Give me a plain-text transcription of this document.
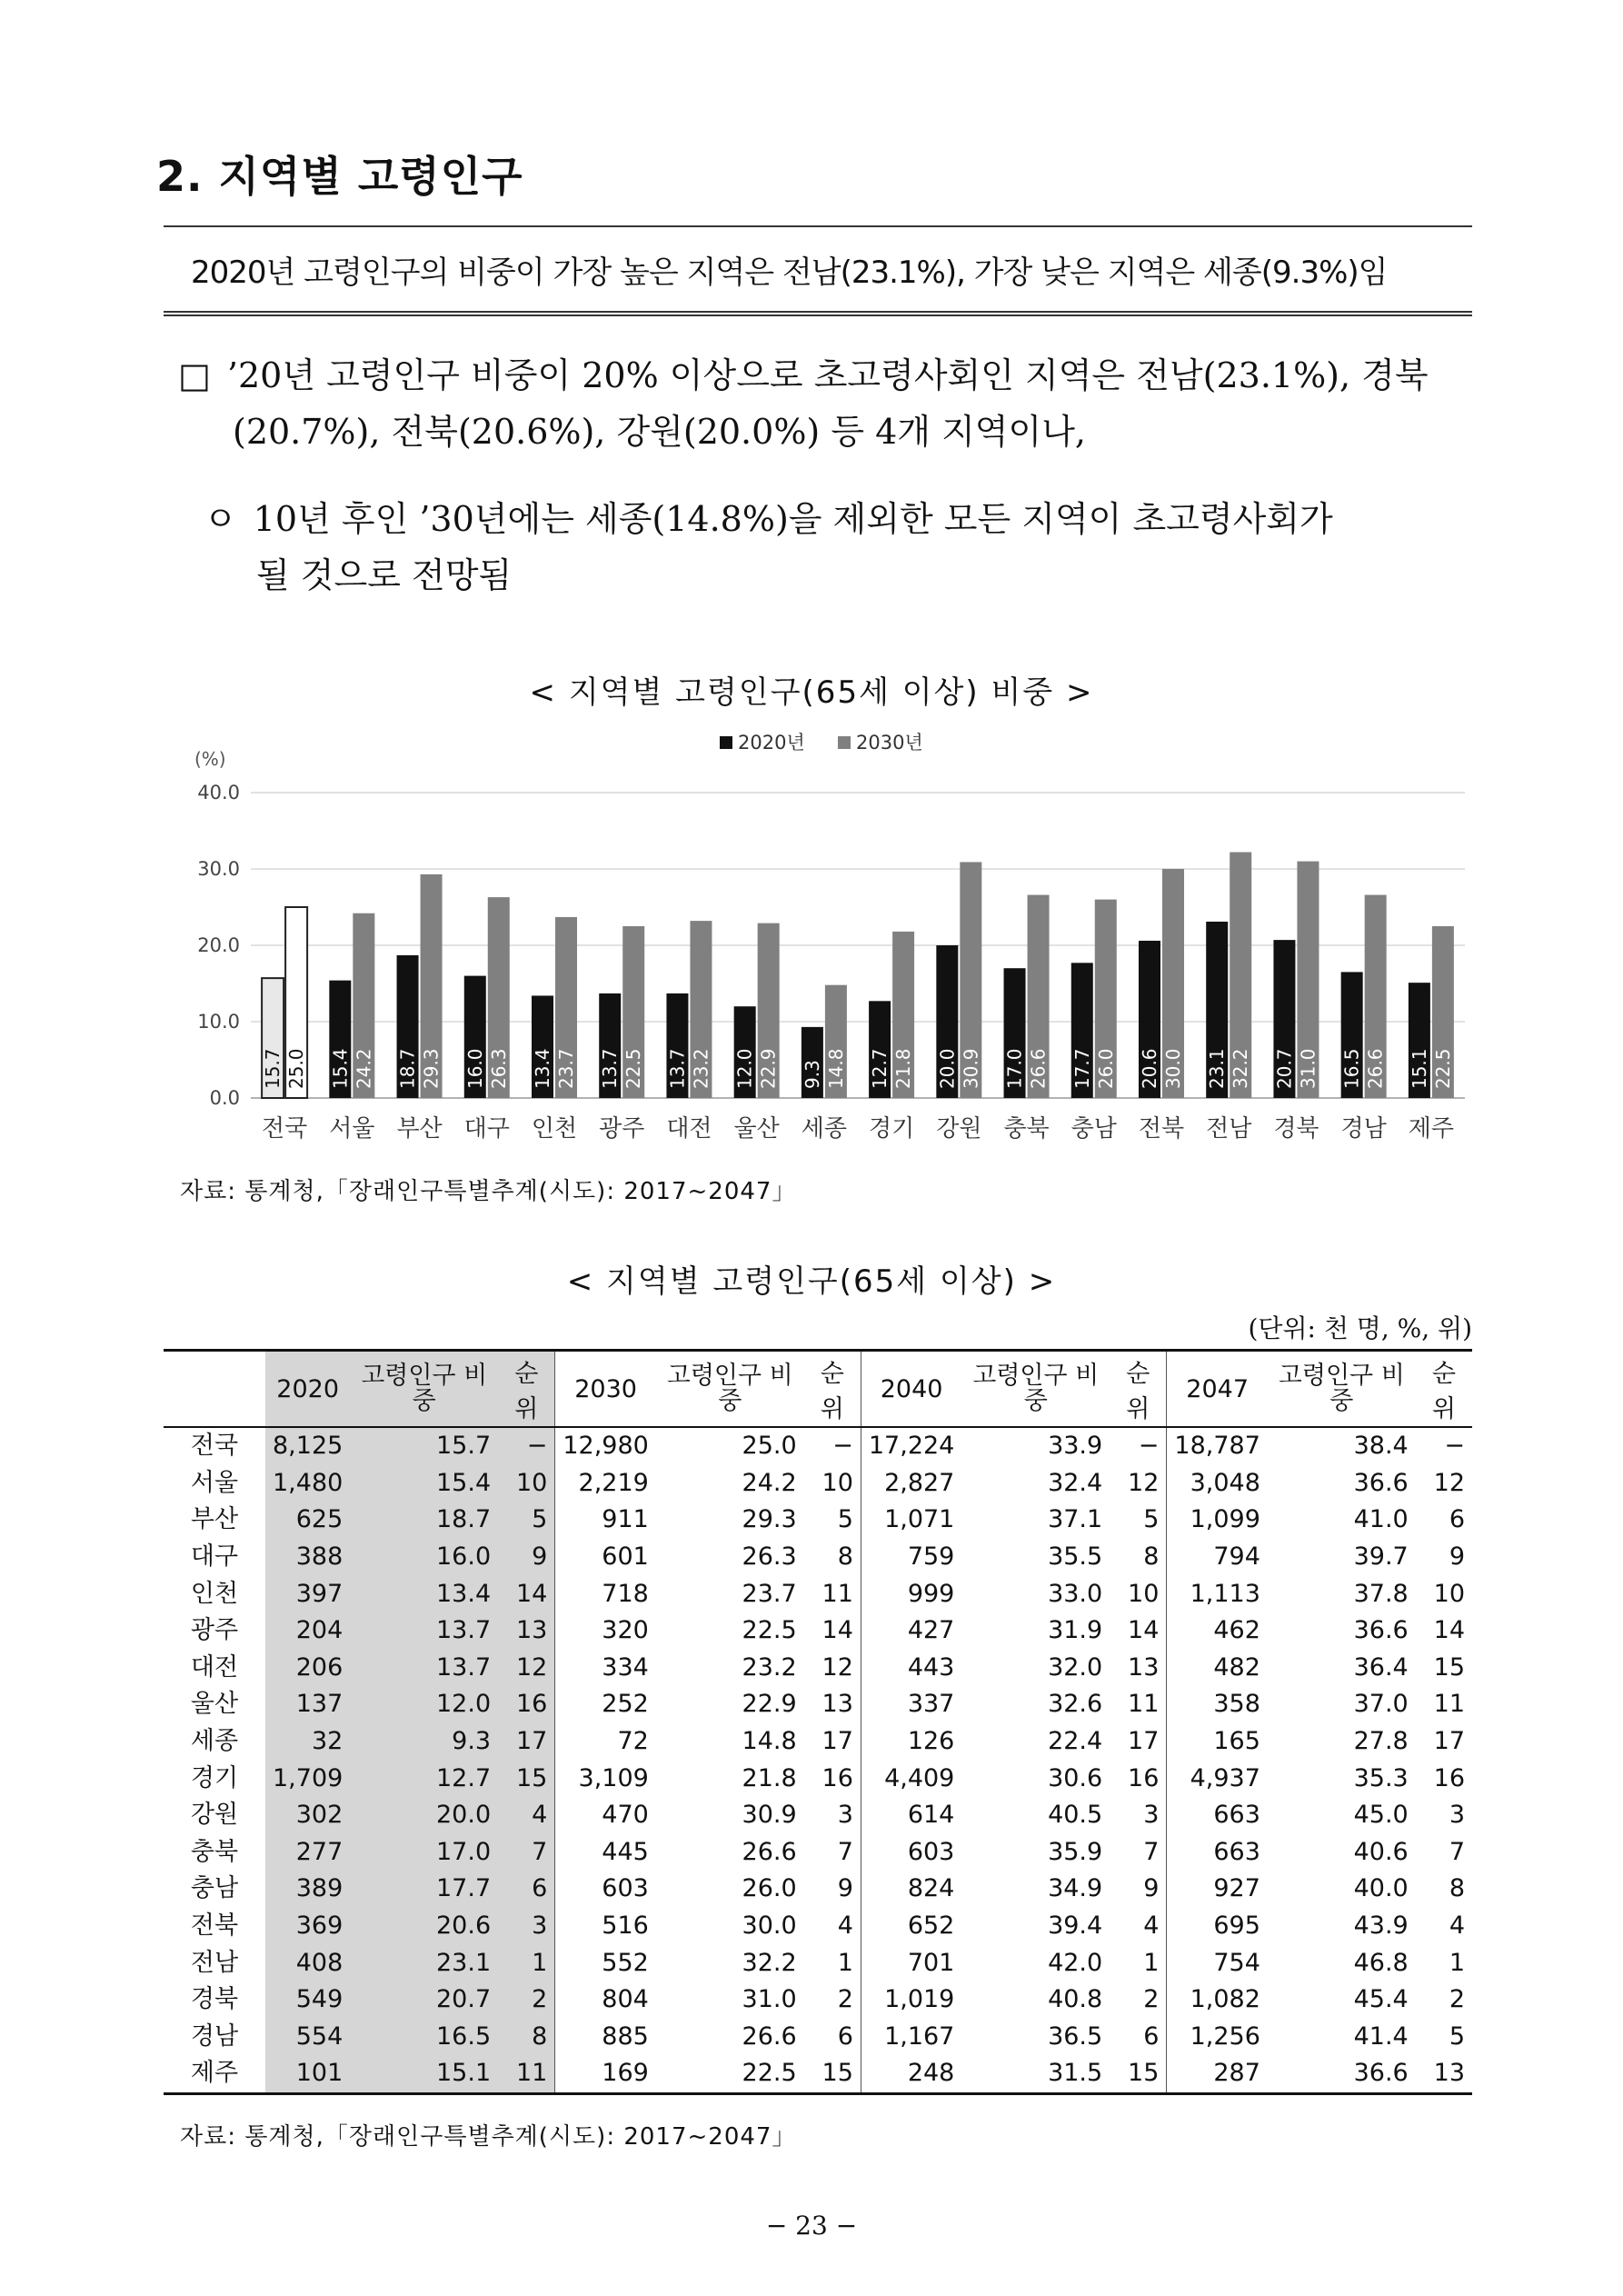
2. 지역별 고령인구
2020년 고령인구의 비중이 가장 높은 지역은 전남(23.1%), 가장 낮은 지역은 세종(9.3%)임
□ ’20년 고령인구 비중이 20% 이상으로 초고령사회인 지역은 전남(23.1%), 경북
(20.7%), 전북(20.6%), 강원(20.0%) 등 4개 지역이나,
ㅇ 10년 후인 ’30년에는 세종(14.8%)을 제외한 모든 지역이 초고령사회가
될 것으로 전망됨
< 지역별 고령인구(65세 이상) 비중 >
(%)
0.0
10.0
20.0
30.0
40.0
15.7 25.0
전국
15.4 24.2
서울
18.7 29.3
부산
16.0 26.3
대구
13.4 23.7
인천
13.7 22.5
광주
13.7 23.2
대전
12.0 22.9
울산
9.3 14.8
세종
12.7 21.8
경기
20.0 30.9
강원
17.0 26.6
충북
17.7 26.0
충남
20.6 30.0
전북
23.1 32.2
전남
20.7 31.0
경북
16.5 26.6
경남
15.1 22.5
제주
2020년	2030년
자료: 통계청,「장래인구특별추계(시도): 2017~2047」
< 지역별 고령인구(65세 이상) >
(단위: 천 명, %, 위)
	2020	고령인구 비중	순위	2030	고령인구 비중	순위	2040	고령인구 비중	순위	2047	고령인구 비중	순위
전국	8,125	15.7	−	12,980	25.0	−	17,224	33.9	−	18,787	38.4	−
서울	1,480	15.4	10	2,219	24.2	10	2,827	32.4	12	3,048	36.6	12
부산	625	18.7	5	911	29.3	5	1,071	37.1	5	1,099	41.0	6
대구	388	16.0	9	601	26.3	8	759	35.5	8	794	39.7	9
인천	397	13.4	14	718	23.7	11	999	33.0	10	1,113	37.8	10
광주	204	13.7	13	320	22.5	14	427	31.9	14	462	36.6	14
대전	206	13.7	12	334	23.2	12	443	32.0	13	482	36.4	15
울산	137	12.0	16	252	22.9	13	337	32.6	11	358	37.0	11
세종	32	9.3	17	72	14.8	17	126	22.4	17	165	27.8	17
경기	1,709	12.7	15	3,109	21.8	16	4,409	30.6	16	4,937	35.3	16
강원	302	20.0	4	470	30.9	3	614	40.5	3	663	45.0	3
충북	277	17.0	7	445	26.6	7	603	35.9	7	663	40.6	7
충남	389	17.7	6	603	26.0	9	824	34.9	9	927	40.0	8
전북	369	20.6	3	516	30.0	4	652	39.4	4	695	43.9	4
전남	408	23.1	1	552	32.2	1	701	42.0	1	754	46.8	1
경북	549	20.7	2	804	31.0	2	1,019	40.8	2	1,082	45.4	2
경남	554	16.5	8	885	26.6	6	1,167	36.5	6	1,256	41.4	5
제주	101	15.1	11	169	22.5	15	248	31.5	15	287	36.6	13
자료: 통계청,「장래인구특별추계(시도): 2017~2047」
− 23 −
